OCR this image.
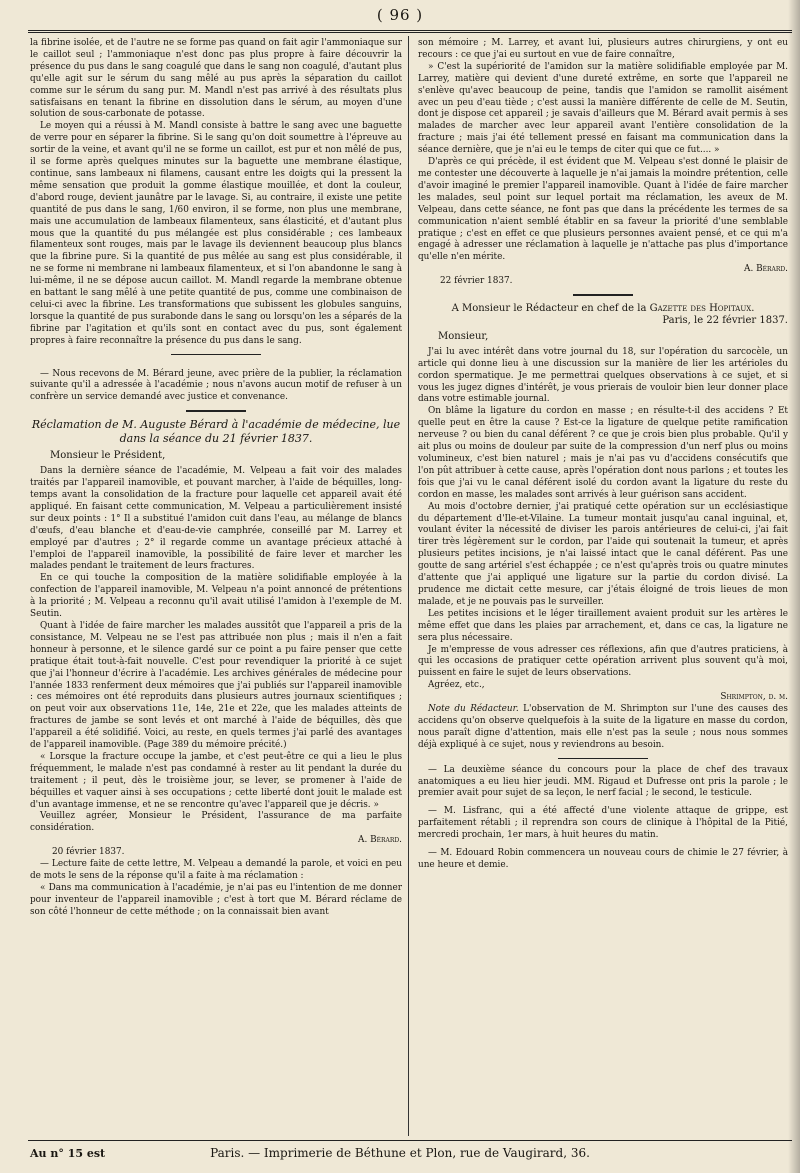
( 96 )

la fibrine isolée, et de l'autre ne se forme pas quand on fait agir l'ammoniaque sur le caillot seul ; l'ammoniaque n'est donc pas plus propre à faire découvrir la présence du pus dans le sang coagulé que dans le sang non coagulé, d'autant plus qu'elle agit sur le sérum du sang mêlé au pus après la séparation du caillot comme sur le sérum du sang pur. M. Mandl n'est pas arrivé à des résultats plus satisfaisans en tenant la fibrine en dissolution dans le sérum, au moyen d'une solution de sous-carbonate de potasse.

Le moyen qui a réussi à M. Mandl consiste à battre le sang avec une baguette de verre pour en séparer la fibrine. Si le sang qu'on doit soumettre à l'épreuve au sortir de la veine, et avant qu'il ne se forme un caillot, est pur et non mêlé de pus, il se forme après quelques minutes sur la baguette une membrane élastique, continue, sans lambeaux ni filamens, causant entre les doigts qui la pressent la même sensation que produit la gomme élastique mouillée, et dont la couleur, d'abord rouge, devient jaunâtre par le lavage. Si, au contraire, il existe une petite quantité de pus dans le sang, 1/60 environ, il se forme, non plus une membrane, mais une accumulation de lambeaux filamenteux, sans élasticité, et d'autant plus mous que la quantité du pus mélangée est plus considérable ; ces lambeaux filamenteux sont rouges, mais par le lavage ils deviennent beaucoup plus blancs que la fibrine pure. Si la quantité de pus mêlée au sang est plus considérable, il ne se forme ni membrane ni lambeaux filamenteux, et si l'on abandonne le sang à lui-même, il ne se dépose aucun caillot. M. Mandl regarde la membrane obtenue en battant le sang mêlé à une petite quantité de pus, comme une combinaison de celui-ci avec la fibrine. Les transformations que subissent les globules sanguins, lorsque la quantité de pus surabonde dans le sang ou lorsqu'on les a séparés de la fibrine par l'agitation et qu'ils sont en contact avec du pus, sont également propres à faire reconnaître la présence du pus dans le sang.

— Nous recevons de M. Bérard jeune, avec prière de la publier, la réclamation suivante qu'il a adressée à l'académie ; nous n'avons aucun motif de refuser à un confrère un service demandé avec justice et convenance.

Réclamation de M. Auguste Bérard à l'académie de médecine, lue dans la séance du 21 février 1837.

Monsieur le Président,

Dans la dernière séance de l'académie, M. Velpeau a fait voir des malades traités par l'appareil inamovible, et pouvant marcher, à l'aide de béquilles, long-temps avant la consolidation de la fracture pour laquelle cet appareil avait été appliqué. En faisant cette communication, M. Velpeau a particulièrement insisté sur deux points : 1° Il a substitué l'amidon cuit dans l'eau, au mélange de blancs d'œufs, d'eau blanche et d'eau-de-vie camphrée, conseillé par M. Larrey et employé par d'autres ; 2° il regarde comme un avantage précieux attaché à l'emploi de l'appareil inamovible, la possibilité de faire lever et marcher les malades pendant le traitement de leurs fractures.

En ce qui touche la composition de la matière solidifiable employée à la confection de l'appareil inamovible, M. Velpeau n'a point annoncé de prétentions à la priorité ; M. Velpeau a reconnu qu'il avait utilisé l'amidon à l'exemple de M. Seutin.

Quant à l'idée de faire marcher les malades aussitôt que l'appareil a pris de la consistance, M. Velpeau ne se l'est pas attribuée non plus ; mais il n'en a fait honneur à personne, et le silence gardé sur ce point a pu faire penser que cette pratique était tout-à-fait nouvelle. C'est pour revendiquer la priorité à ce sujet que j'ai l'honneur d'écrire à l'académie. Les archives générales de médecine pour l'année 1833 renferment deux mémoires que j'ai publiés sur l'appareil inamovible : ces mémoires ont été reproduits dans plusieurs autres journaux scientifiques ; on peut voir aux observations 11e, 14e, 21e et 22e, que les malades atteints de fractures de jambe se sont levés et ont marché à l'aide de béquilles, dès que l'appareil a été solidifié. Voici, au reste, en quels termes j'ai parlé des avantages de l'appareil inamovible. (Page 389 du mémoire précité.)

« Lorsque la fracture occupe la jambe, et c'est peut-être ce qui a lieu le plus fréquemment, le malade n'est pas condamné à rester au lit pendant la durée du traitement ; il peut, dès le troisième jour, se lever, se promener à l'aide de béquilles et vaquer ainsi à ses occupations ; cette liberté dont jouit le malade est d'un avantage immense, et ne se rencontre qu'avec l'appareil que je décris. »

Veuillez agréer, Monsieur le Président, l'assurance de ma parfaite considération.

A. Bérard.

20 février 1837.

— Lecture faite de cette lettre, M. Velpeau a demandé la parole, et voici en peu de mots le sens de la réponse qu'il a faite à ma réclamation :

« Dans ma communication à l'académie, je n'ai pas eu l'intention de me donner pour inventeur de l'appareil inamovible ; c'est à tort que M. Bérard réclame de son côté l'honneur de cette méthode ; on la connaissait bien avant

son mémoire ; M. Larrey, et avant lui, plusieurs autres chirurgiens, y ont eu recours : ce que j'ai eu surtout en vue de faire connaître,

» C'est la supériorité de l'amidon sur la matière solidifiable employée par M. Larrey, matière qui devient d'une dureté extrême, en sorte que l'appareil ne s'enlève qu'avec beaucoup de peine, tandis que l'amidon se ramollit aisément avec un peu d'eau tiède ; c'est aussi la manière différente de celle de M. Seutin, dont je dispose cet appareil ; je savais d'ailleurs que M. Bérard avait permis à ses malades de marcher avec leur appareil avant l'entière consolidation de la fracture ; mais j'ai été tellement pressé en faisant ma communication dans la séance dernière, que je n'ai eu le temps de citer qui que ce fut.... »

D'après ce qui précède, il est évident que M. Velpeau s'est donné le plaisir de me contester une découverte à laquelle je n'ai jamais la moindre prétention, celle d'avoir imaginé le premier l'appareil inamovible. Quant à l'idée de faire marcher les malades, seul point sur lequel portait ma réclamation, les aveux de M. Velpeau, dans cette séance, ne font pas que dans la précédente les termes de sa communication n'aient semblé établir en sa faveur la priorité d'une semblable pratique ; c'est en effet ce que plusieurs personnes avaient pensé, et ce qui m'a engagé à adresser une réclamation à laquelle je n'attache pas plus d'importance qu'elle n'en mérite.

A. Bérard.

22 février 1837.

A Monsieur le Rédacteur en chef de la Gazette des Hopitaux.

Paris, le 22 février 1837.

Monsieur,

J'ai lu avec intérêt dans votre journal du 18, sur l'opération du sarcocèle, un article qui donne lieu à une discussion sur la manière de lier les artérioles du cordon spermatique. Je me permettrai quelques observations à ce sujet, et si vous les jugez dignes d'intérêt, je vous prierais de vouloir bien leur donner place dans votre estimable journal.

On blâme la ligature du cordon en masse ; en résulte-t-il des accidens ? Et quelle peut en être la cause ? Est-ce la ligature de quelque petite ramification nerveuse ? ou bien du canal déférent ? ce que je crois bien plus probable. Qu'il y ait plus ou moins de douleur par suite de la compression d'un nerf plus ou moins volumineux, c'est bien naturel ; mais je n'ai pas vu d'accidens consécutifs que l'on pût attribuer à cette cause, après l'opération dont nous parlons ; et toutes les fois que j'ai vu le canal déférent isolé du cordon avant la ligature du reste du cordon en masse, les malades sont arrivés à leur guérison sans accident.

Au mois d'octobre dernier, j'ai pratiqué cette opération sur un ecclésiastique du département d'Ile-et-Vilaine. La tumeur montait jusqu'au canal inguinal, et, voulant éviter la nécessité de diviser les parois antérieures de celui-ci, j'ai fait tirer très légèrement sur le cordon, par l'aide qui soutenait la tumeur, et après plusieurs petites incisions, je n'ai laissé intact que le canal déférent. Pas une goutte de sang artériel s'est échappée ; ce n'est qu'après trois ou quatre minutes d'attente que j'ai appliqué une ligature sur la partie du cordon divisé. La prudence me dictait cette mesure, car j'étais éloigné de trois lieues de mon malade, et je ne pouvais pas le surveiller.

Les petites incisions et le léger tiraillement avaient produit sur les artères le même effet que dans les plaies par arrachement, et, dans ce cas, la ligature ne sera plus nécessaire.

Je m'empresse de vous adresser ces réflexions, afin que d'autres praticiens, à qui les occasions de pratiquer cette opération arrivent plus souvent qu'à moi, puissent en faire le sujet de leurs observations.

Agréez, etc.,

Shrimpton, d. m.

Note du Rédacteur. L'observation de M. Shrimpton sur l'une des causes des accidens qu'on observe quelquefois à la suite de la ligature en masse du cordon, nous paraît digne d'attention, mais elle n'est pas la seule ; nous nous sommes déjà expliqué à ce sujet, nous y reviendrons au besoin.

— La deuxième séance du concours pour la place de chef des travaux anatomiques a eu lieu hier jeudi. MM. Rigaud et Dufresse ont pris la parole ; le premier avait pour sujet de sa leçon, le nerf facial ; le second, le testicule.

— M. Lisfranc, qui a été affecté d'une violente attaque de grippe, est parfaitement rétabli ; il reprendra son cours de clinique à l'hôpital de la Pitié, mercredi prochain, 1er mars, à huit heures du matin.

— M. Edouard Robin commencera un nouveau cours de chimie le 27 février, à une heure et demie.

Au n° 15 est	Paris. — Imprimerie de Béthune et Plon, rue de Vaugirard, 36.
